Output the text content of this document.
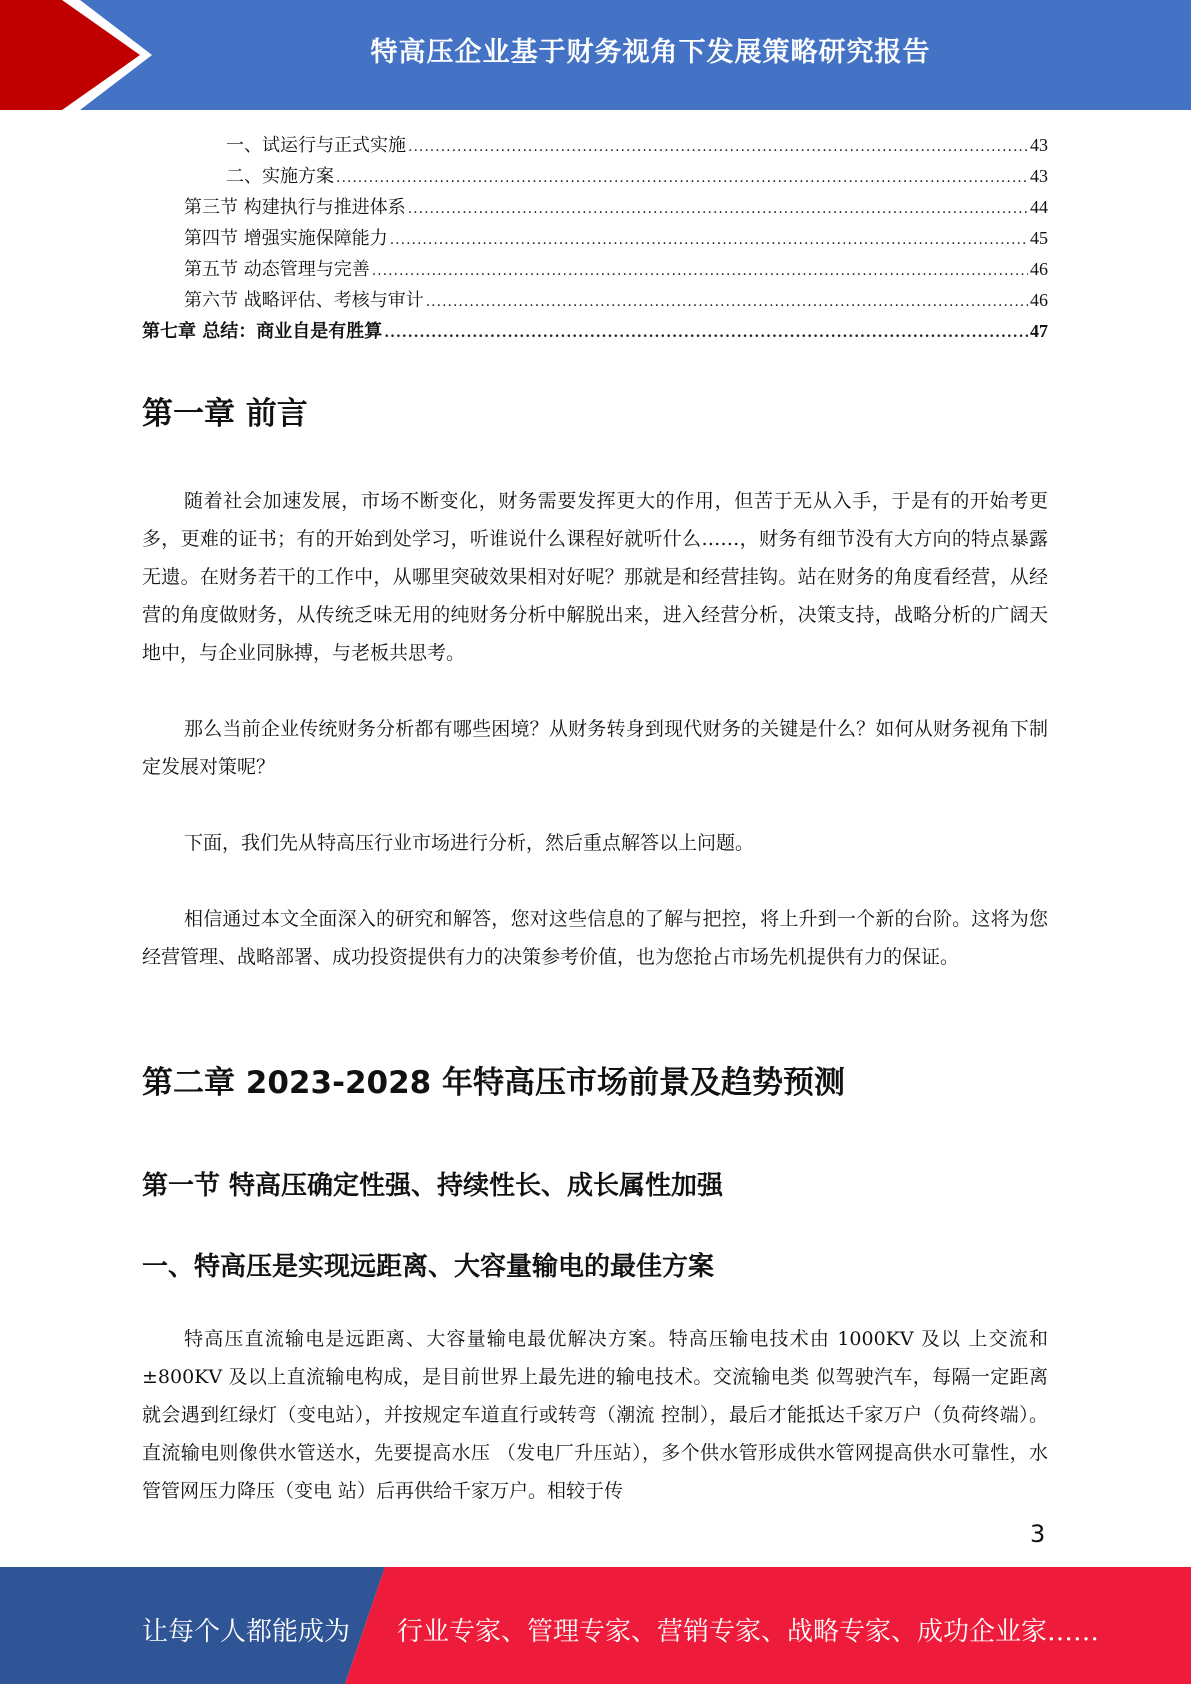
特高压企业基于财务视角下发展策略研究报告
一、试运行与正式实施 .....	43
二、实施方案 .....	43
第三节 构建执行与推进体系 .....	44
第四节 增强实施保障能力 .....	45
第五节 动态管理与完善 .....	46
第六节 战略评估、考核与审计 .....	46
第七章 总结：商业自是有胜算 .....	47
第一章 前言

随着社会加速发展，市场不断变化，财务需要发挥更大的作用，但苦于无从入手，于是有的开始考更多，更难的证书；有的开始到处学习，听谁说什么课程好就听什么……，财务有细节没有大方向的特点暴露无遗。在财务若干的工作中，从哪里突破效果相对好呢？那就是和经营挂钩。站在财务的角度看经营，从经营的角度做财务，从传统乏味无用的纯财务分析中解脱出来，进入经营分析，决策支持，战略分析的广阔天地中，与企业同脉搏，与老板共思考。

那么当前企业传统财务分析都有哪些困境？从财务转身到现代财务的关键是什么？如何从财务视角下制定发展对策呢？

下面，我们先从特高压行业市场进行分析，然后重点解答以上问题。

相信通过本文全面深入的研究和解答，您对这些信息的了解与把控，将上升到一个新的台阶。这将为您经营管理、战略部署、成功投资提供有力的决策参考价值，也为您抢占市场先机提供有力的保证。

第二章 2023-2028 年特高压市场前景及趋势预测
第一节 特高压确定性强、持续性长、成长属性加强
一、特高压是实现远距离、大容量输电的最佳方案

特高压直流输电是远距离、大容量输电最优解决方案。特高压输电技术由 1000KV 及以 上交流和±800KV 及以上直流输电构成，是目前世界上最先进的输电技术。交流输电类 似驾驶汽车，每隔一定距离就会遇到红绿灯（变电站），并按规定车道直行或转弯（潮流 控制），最后才能抵达千家万户（负荷终端）。直流输电则像供水管送水，先要提高水压 （发电厂升压站），多个供水管形成供水管网提高供水可靠性，水管管网压力降压（变电 站）后再供给千家万户。相较于传

3
让每个人都能成为 行业专家、管理专家、营销专家、战略专家、成功企业家……
